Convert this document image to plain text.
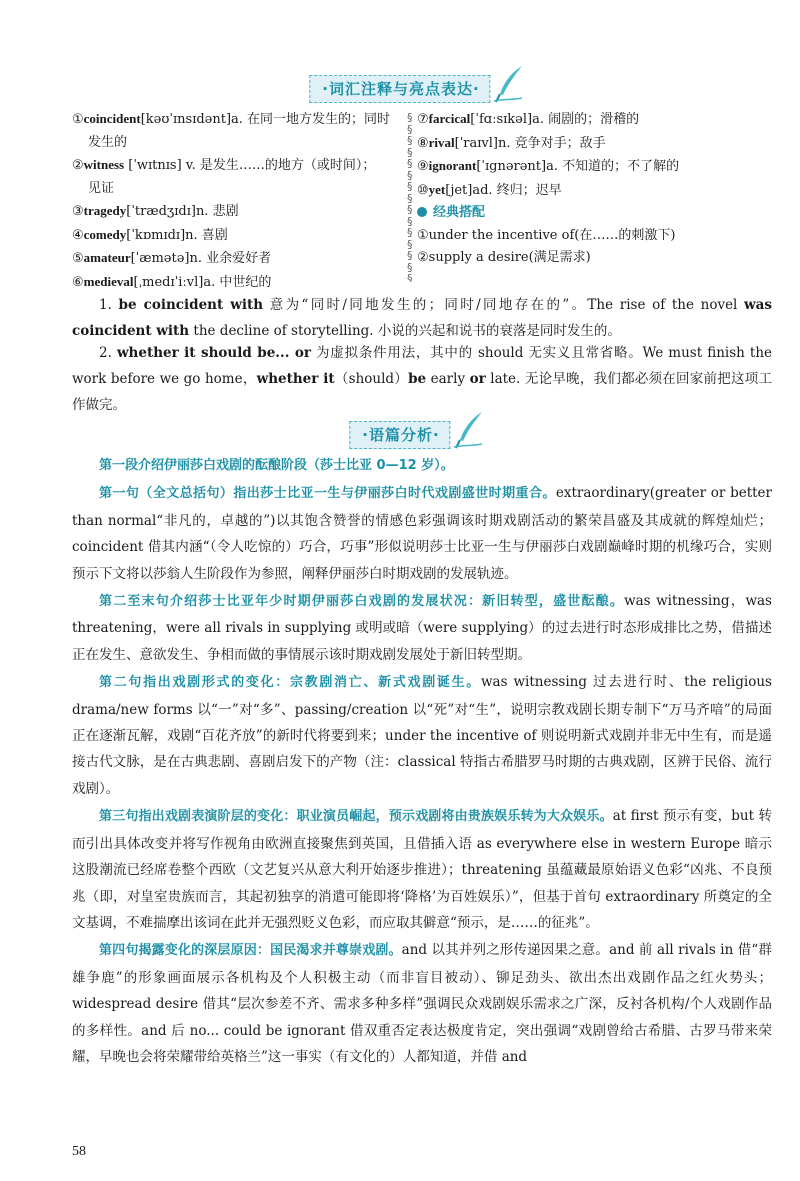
·词汇注释与亮点表达·
①coincident[kəʊˈɪnsɪdənt]a. 在同一地方发生的；同时
发生的
②witness [ˈwɪtnɪs] v. 是发生……的地方（或时间）；
见证
③tragedy[ˈtrædʒɪdɪ]n. 悲剧
④comedy[ˈkɒmɪdɪ]n. 喜剧
⑤amateur[ˈæmətə]n. 业余爱好者
⑥medieval[ˌmedɪˈiːvl]a. 中世纪的
§§§§§§§§§§§§§§§
⑦farcical[ˈfɑːsɪkəl]a. 闹剧的；滑稽的
⑧rival[ˈraɪvl]n. 竞争对手；敌手
⑨ignorant[ˈɪgnərənt]a. 不知道的；不了解的
⑩yet[jet]ad. 终归；迟早
经典搭配
①under the incentive of(在……的刺激下)
②supply a desire(满足需求)

1. be coincident with 意为“同时/同地发生的；同时/同地存在的”。The rise of the novel was coincident with the decline of storytelling. 小说的兴起和说书的衰落是同时发生的。

2. whether it should be... or 为虚拟条件用法，其中的 should 无实义且常省略。We must finish the work before we go home，whether it（should）be early or late. 无论早晚，我们都必须在回家前把这项工作做完。

·语篇分析·

第一段介绍伊丽莎白戏剧的酝酿阶段（莎士比亚 0—12 岁）。

第一句（全文总括句）指出莎士比亚一生与伊丽莎白时代戏剧盛世时期重合。extraordinary(greater or better than normal“非凡的，卓越的”)以其饱含赞誉的情感色彩强调该时期戏剧活动的繁荣昌盛及其成就的辉煌灿烂；coincident 借其内涵“（令人吃惊的）巧合，巧事”形似说明莎士比亚一生与伊丽莎白戏剧巅峰时期的机缘巧合，实则预示下文将以莎翁人生阶段作为参照，阐释伊丽莎白时期戏剧的发展轨迹。

第二至末句介绍莎士比亚年少时期伊丽莎白戏剧的发展状况：新旧转型，盛世酝酿。was witnessing，was threatening，were all rivals in supplying 或明或暗（were supplying）的过去进行时态形成排比之势，借描述正在发生、意欲发生、争相而做的事情展示该时期戏剧发展处于新旧转型期。

第二句指出戏剧形式的变化：宗教剧消亡、新式戏剧诞生。was witnessing 过去进行时、the religious drama/new forms 以“一”对“多”、passing/creation 以“死”对“生”，说明宗教戏剧长期专制下“万马齐喑”的局面正在逐渐瓦解，戏剧“百花齐放”的新时代将要到来；under the incentive of 则说明新式戏剧并非无中生有，而是遥接古代文脉，是在古典悲剧、喜剧启发下的产物（注：classical 特指古希腊罗马时期的古典戏剧，区辨于民俗、流行戏剧）。

第三句指出戏剧表演阶层的变化：职业演员崛起，预示戏剧将由贵族娱乐转为大众娱乐。at first 预示有变，but 转而引出具体改变并将写作视角由欧洲直接聚焦到英国，且借插入语 as everywhere else in western Europe 暗示这股潮流已经席卷整个西欧（文艺复兴从意大利开始逐步推进）；threatening 虽蕴藏最原始语义色彩“凶兆、不良预兆（即，对皇室贵族而言，其起初独享的消遣可能即将‘降格’为百姓娱乐）”，但基于首句 extraordinary 所奠定的全文基调，不难揣摩出该词在此并无强烈贬义色彩，而应取其僻意“预示，是……的征兆”。

第四句揭露变化的深层原因：国民渴求并尊崇戏剧。and 以其并列之形传递因果之意。and 前 all rivals in 借“群雄争鹿”的形象画面展示各机构及个人积极主动（而非盲目被动）、铆足劲头、欲出杰出戏剧作品之红火势头；widespread desire 借其“层次参差不齐、需求多种多样”强调民众戏剧娱乐需求之广深，反衬各机构/个人戏剧作品的多样性。and 后 no... could be ignorant 借双重否定表达极度肯定，突出强调“戏剧曾给古希腊、古罗马带来荣耀，早晚也会将荣耀带给英格兰”这一事实（有文化的）人都知道，并借 and

58
